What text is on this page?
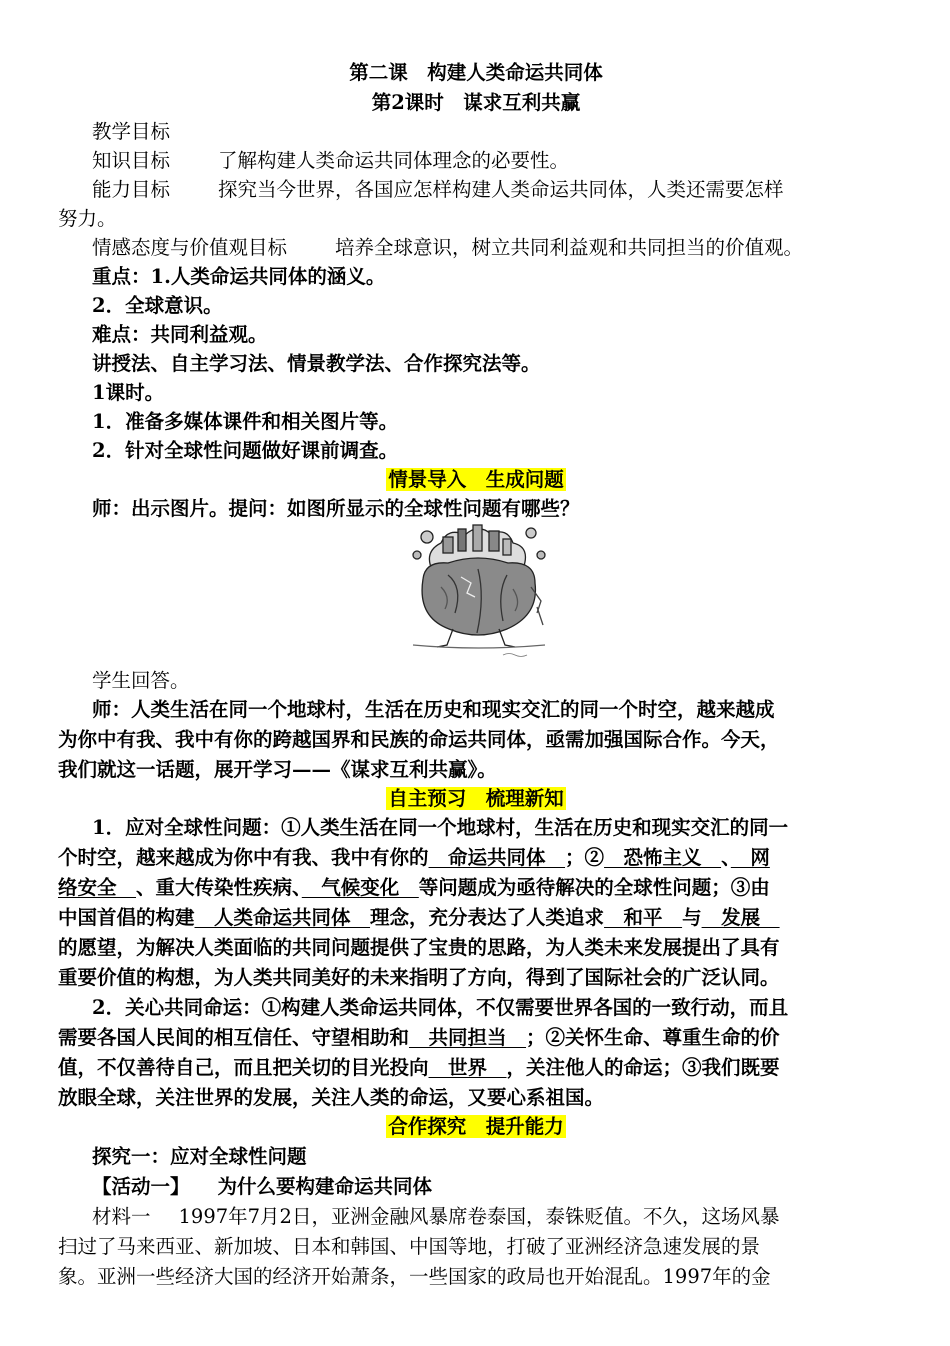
第二课　构建人类命运共同体
第2课时　谋求互利共赢
教学目标
知识目标 了解构建人类命运共同体理念的必要性。
能力目标 探究当今世界，各国应怎样构建人类命运共同体，人类还需要怎样
努力。
情感态度与价值观目标 培养全球意识，树立共同利益观和共同担当的价值观。
重点：1.人类命运共同体的涵义。
2．全球意识。
难点：共同利益观。
讲授法、自主学习法、情景教学法、合作探究法等。
1课时。
1．准备多媒体课件和相关图片等。
2．针对全球性问题做好课前调查。
情景导入　生成问题
师：出示图片。提问：如图所显示的全球性问题有哪些？
学生回答。
师：人类生活在同一个地球村，生活在历史和现实交汇的同一个时空，越来越成
为你中有我、我中有你的跨越国界和民族的命运共同体，亟需加强国际合作。今天，
我们就这一话题，展开学习——《谋求互利共赢》。
自主预习　梳理新知
1．应对全球性问题：①人类生活在同一个地球村，生活在历史和现实交汇的同一
个时空，越来越成为你中有我、我中有你的　命运共同体　；②　恐怖主义　、　网
络安全　、重大传染性疾病、　气候变化　等问题成为亟待解决的全球性问题；③由
中国首倡的构建　人类命运共同体　理念，充分表达了人类追求　和平　与　发展　
的愿望，为解决人类面临的共同问题提供了宝贵的思路，为人类未来发展提出了具有
重要价值的构想，为人类共同美好的未来指明了方向，得到了国际社会的广泛认同。
2．关心共同命运：①构建人类命运共同体，不仅需要世界各国的一致行动，而且
需要各国人民间的相互信任、守望相助和　共同担当　；②关怀生命、尊重生命的价
值，不仅善待自己，而且把关切的目光投向　世界　，关注他人的命运；③我们既要
放眼全球，关注世界的发展，关注人类的命运，又要心系祖国。
合作探究　提升能力
探究一：应对全球性问题
【活动一】 为什么要构建命运共同体
材料一 1997年7月2日，亚洲金融风暴席卷泰国，泰铢贬值。不久，这场风暴
扫过了马来西亚、新加坡、日本和韩国、中国等地，打破了亚洲经济急速发展的景
象。亚洲一些经济大国的经济开始萧条，一些国家的政局也开始混乱。1997年的金
